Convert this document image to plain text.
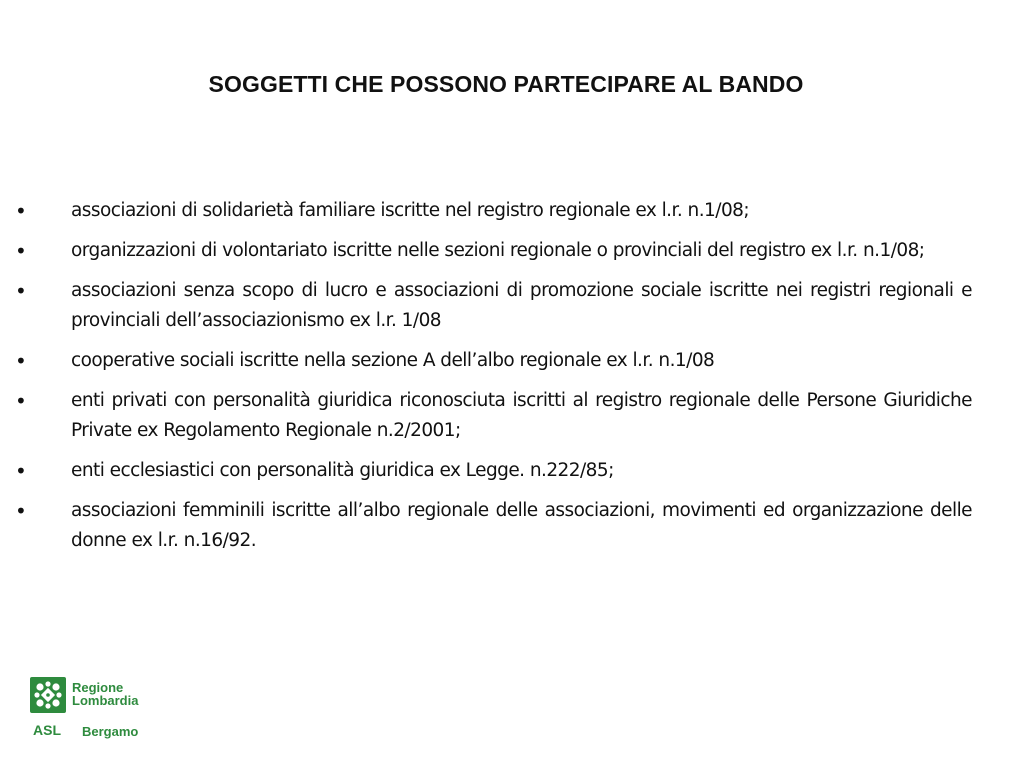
SOGGETTI CHE POSSONO PARTECIPARE AL BANDO
•	associazioni di solidarietà familiare iscritte nel registro regionale ex l.r. n.1/08;
•	organizzazioni di volontariato iscritte nelle sezioni regionale o provinciali del registro ex l.r. n.1/08;
•	associazioni senza scopo di lucro e associazioni di promozione sociale iscritte nei registri regionali e provinciali dell’associazionismo ex l.r. 1/08
•	cooperative sociali iscritte nella sezione A dell’albo regionale ex l.r. n.1/08
•	enti privati con personalità giuridica riconosciuta iscritti al registro regionale delle Persone Giuridiche Private ex Regolamento Regionale n.2/2001;
•	enti ecclesiastici con personalità giuridica ex Legge. n.222/85;
•	associazioni femminili iscritte all’albo regionale delle associazioni, movimenti ed organizzazione delle donne ex l.r. n.16/92.
Regione
Lombardia
ASL Bergamo
